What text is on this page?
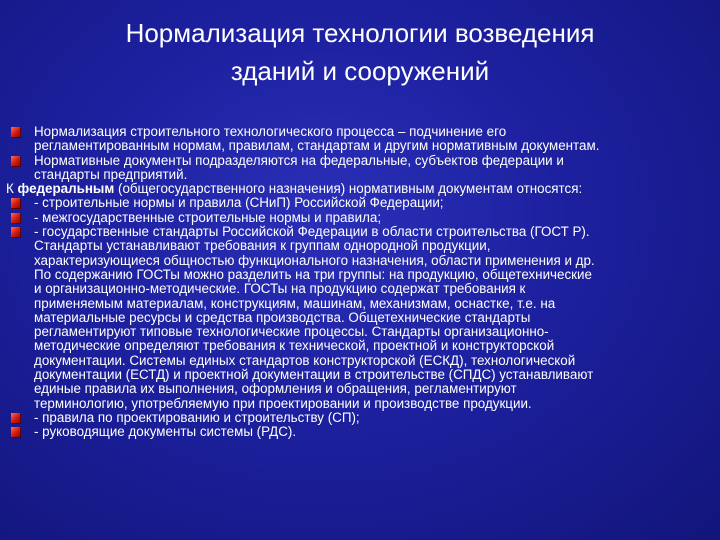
Нормализация технологии возведения
зданий и сооружений
Нормализация строительного технологического процесса – подчинение его
регламентированным нормам, правилам, стандартам и другим нормативным документам.
Нормативные документы подразделяются на федеральные, субъектов федерации и
стандарты предприятий.
К федеральным (общегосударственного назначения) нормативным документам относятся:
- строительные нормы и правила (СНиП) Российской Федерации;
- межгосударственные строительные нормы и правила;
- государственные стандарты Российской Федерации в области строительства (ГОСТ Р).
Стандарты устанавливают требования к группам однородной продукции,
характеризующиеся общностью функционального назначения, области применения и др.
По содержанию ГОСТы можно разделить на три группы: на продукцию, общетехнические
и организационно-методические. ГОСТы на продукцию содержат требования к
применяемым материалам, конструкциям, машинам, механизмам, оснастке, т.е. на
материальные ресурсы и средства производства. Общетехнические стандарты
регламентируют типовые технологические процессы. Стандарты организационно-
методические определяют требования к технической, проектной и конструкторской
документации. Системы единых стандартов конструкторской (ЕСКД), технологической
документации (ЕСТД) и проектной документации в строительстве (СПДС) устанавливают
единые правила их выполнения, оформления и обращения, регламентируют
терминологию, употребляемую при проектировании и производстве продукции.
- правила по проектированию и строительству (СП);
- руководящие документы системы (РДС).
